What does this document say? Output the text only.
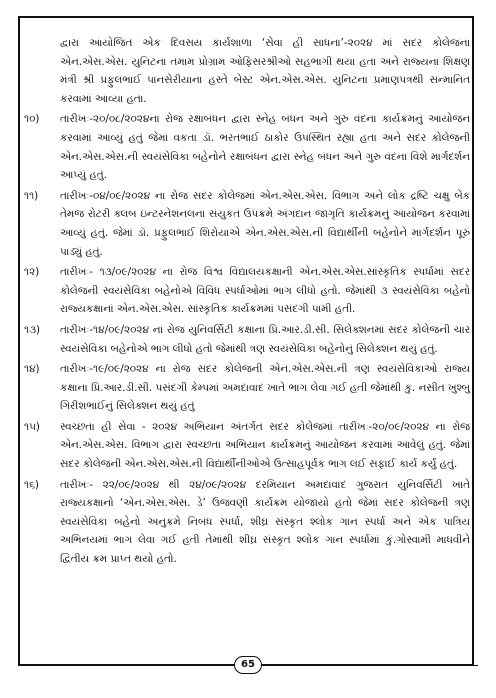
દ્વારા આયોજિત એક દિવસય કાર્યશાળા ‘સેવા હી સાધના’-૨૦૨૪ માં સદર કોલેજના એન.એસ.એસ. યુનિટના તમામ પ્રોગ્રામ ઓફિસરશ્રીઓ સહભાગી થયા હતા અને રાજ્યના શિક્ષણ મંત્રી શ્રી પ્રફુલભાઈ પાનસેરીયાના હસ્તે બેસ્ટ એન.એસ.એસ. યુનિટના પ્રમાણપત્રથી સન્માનિત કરવામાં આવ્યા હતા.

૧૦)	તારીખઃ-૨૦/૦૮/૨૦૨૪ના રોજ રક્ષાબંધન દ્વારા સ્નેહ બંધન અને ગુરુ વંદના કાર્યક્રમનું આયોજન કરવામાં આવ્યું હતું જેમાં વકતા ડૉ. ભરતભાઈ ઠાકોર ઉપસ્થિત રહ્યા હતા અને સદર કોલેજની એન.એસ.એસ.ની સ્વયંસેવિકા બહેનોને રક્ષાબંધન દ્વારા સ્નેહ બંધન અને ગુરુ વંદના વિશે માર્ગદર્શન આપ્યું હતું.

૧૧)	તારીખઃ-૦૪/૦૯/૨૦૨૪ ના રોજ સદર કોલેજમાં એન.એસ.એસ. વિભાગ અને લોક દ્રષ્ટિ ચક્ષુ બેંક તેમજ રોટરી ક્લબ ઇન્ટરનેશનલના સંયુકત ઉપક્રમે અંગદાન જાગૃતિ કાર્યક્રમનું આયોજન કરવામાં આવ્યું હતું. જેમાં ડૉ. પ્રફુલભાઈ શિરોયાએ એન.એસ.એસ.ની વિદ્યાર્થીની બહેનોને માર્ગદર્શન પૂરું પાડ્યું હતું.

૧૨)	તારીખઃ- ૧૩/૦૯/૨૦૨૪ ના રોજ વિશ્વ વિદ્યાલયકક્ષાની એન.એસ.એસ.સાંસ્કૃતિક સ્પર્ધામાં સદર કોલેજની સ્વયંસેવિકા બહેનોએ વિવિધ સ્પર્ધાઓમાં ભાગ લીધો હતો. જેમાંથી ૩ સ્વયંસેવિકા બહેનો રાજ્યકક્ષાનાં એન.એસ.એસ. સાંસ્કૃતિક કાર્યક્રમમાં પસંદગી પામી હતી.

૧૩)	તારીખઃ-૧૪/૦૯/૨૦૨૪ ના રોજ યુનિવર્સિટી કક્ષાના પ્રિ.આર.ડી.સી. સિલેક્શનમાં સદર કોલેજની ચાર સ્વયંસેવિકા બહેનોએ ભાગ લીધો હતો જેમાંથી ત્રણ સ્વયંસેવિકા બહેનોનું સિલેક્શન થયું હતું.

૧૪)	તારીખઃ-૧૯/૦૯/૨૦૨૪ ના રોજ સદર કોલેજની એન.એસ.એસ.ની ત્રણ સ્વયંસેવિકાઓ રાજ્ય કક્ષાના પ્રિ.આર.ડી.સી. પસંદગી કેમ્પમાં અમદાવાદ ખાતે ભાગ લેવા ગઈ હતી જેમાંથી કુ. નસીત ખુશ્બુ ગિરીશભાઈનું સિલેક્શન થયું હતું

૧૫)	સ્વચ્છતા હી સેવા - ૨૦૨૪ અભિયાન અંતર્ગત સદર કોલેજમાં તારીખઃ-૨૦/૦૯/૨૦૨૪ ના રોજ એન.એસ.એસ. વિભાગ દ્વારા સ્વચ્છતા અભિયાન કાર્યક્રમનું આયોજન કરવામાં આવેલું હતું. જેમાં સદર કોલેજની એન.એસ.એસ.ની વિદ્યાર્થીનીઓએ ઉત્સાહપૂર્વક ભાગ લઈ સફાઈ કાર્ય કર્યું હતું.

૧૬)	તારીખઃ- ૨૨/૦૯/૨૦૨૪ થી ૨૪/૦૯/૨૦૨૪ દરમિયાન અમદાવાદ ગુજરાત યુનિવર્સિટી ખાતે રાજ્યકક્ષાનો ‘એન.એસ.એસ. ડે’ ઉજવણી કાર્યક્રમ યોજાયો હતો જેમાં સદર કોલેજની ત્રણ સ્વયંસેવિકા બહેનો અનુક્રમે નિબંધ સ્પર્ધા, શીઘ્ર સંસ્કૃત શ્લોક ગાન સ્પર્ધા અને એક પાત્રિય અભિનયમાં ભાગ લેવા ગઈ હતી તેમાંથી શીઘ્ર સંસ્કૃત શ્લોક ગાન સ્પર્ધામાં કું.ગોસ્વામી માધવીને દ્વિતીય ક્રમ પ્રાપ્ત થયો હતો.

65
